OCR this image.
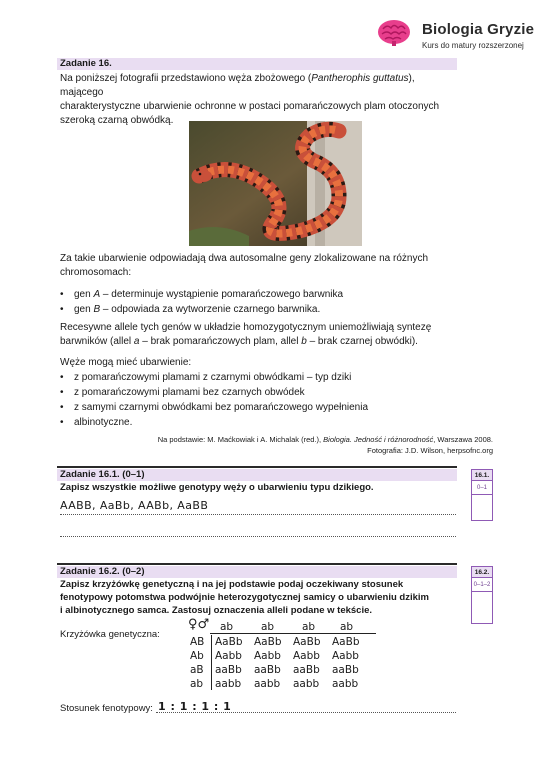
Biologia Gryzie
Kurs do matury rozszerzonej
Zadanie 16.
Na poniższej fotografii przedstawiono węża zbożowego (Pantherophis guttatus), mającego
charakterystyczne ubarwienie ochronne w postaci pomarańczowych plam otoczonych
szeroką czarną obwódką.
Za takie ubarwienie odpowiadają dwa autosomalne geny zlokalizowane na różnych
chromosomach:
• gen A – determinuje wystąpienie pomarańczowego barwnika
• gen B – odpowiada za wytworzenie czarnego barwnika.
Recesywne allele tych genów w układzie homozygotycznym uniemożliwiają syntezę
barwników (allel a – brak pomarańczowych plam, allel b – brak czarnej obwódki).
Węże mogą mieć ubarwienie:
• z pomarańczowymi plamami z czarnymi obwódkami – typ dziki
• z pomarańczowymi plamami bez czarnych obwódek
• z samymi czarnymi obwódkami bez pomarańczowego wypełnienia
• albinotyczne.
Na podstawie: M. Maćkowiak i A. Michalak (red.), Biologia. Jedność i różnorodność, Warszawa 2008.
Fotografia: J.D. Wilson, herpsofnc.org
Zadanie 16.1. (0–1)
Zapisz wszystkie możliwe genotypy węży o ubarwieniu typu dzikiego.
AABB, AaBb, AABb, AaBB
16.1.
0–1
Zadanie 16.2. (0–2)
Zapisz krzyżówkę genetyczną i na jej podstawie podaj oczekiwany stosunek
fenotypowy potomstwa podwójnie heterozygotycznej samicy o ubarwieniu dzikim
i albinotycznego samca. Zastosuj oznaczenia alleli podane w tekście.
16.2.
0–1–2
Krzyżówka genetyczna:
♀♂ ab	ab	ab	ab
AB	AaBb	AaBb	AaBb	AaBb
Ab	Aabb	Aabb	Aabb	Aabb
aB	aaBb	aaBb	aaBb	aaBb
ab	aabb	aabb	aabb	aabb
Stosunek fenotypowy: 1 : 1 : 1 : 1
